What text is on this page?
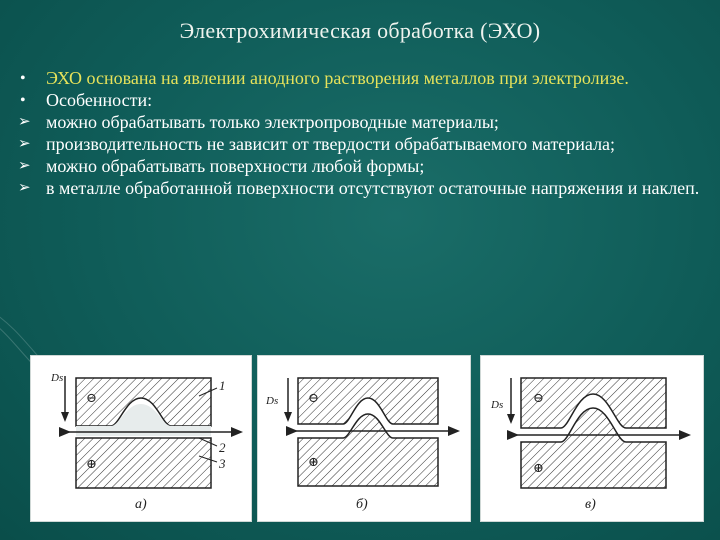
Электрохимическая обработка (ЭХО)
•	ЭХО основана на явлении анодного растворения металлов при электролизе.
•	Особенности:
➢ можно обрабатывать только электропроводные материалы;
➢ производительность не зависит от твердости обрабатываемого материала;
➢ можно обрабатывать поверхности любой формы;
➢ в металле обработанной поверхности отсутствуют остаточные напряжения и наклеп.
Ds
⊖
⊕
1
2
3
а)
Ds ⊖
⊕
б)
Ds ⊖
⊕
в)
